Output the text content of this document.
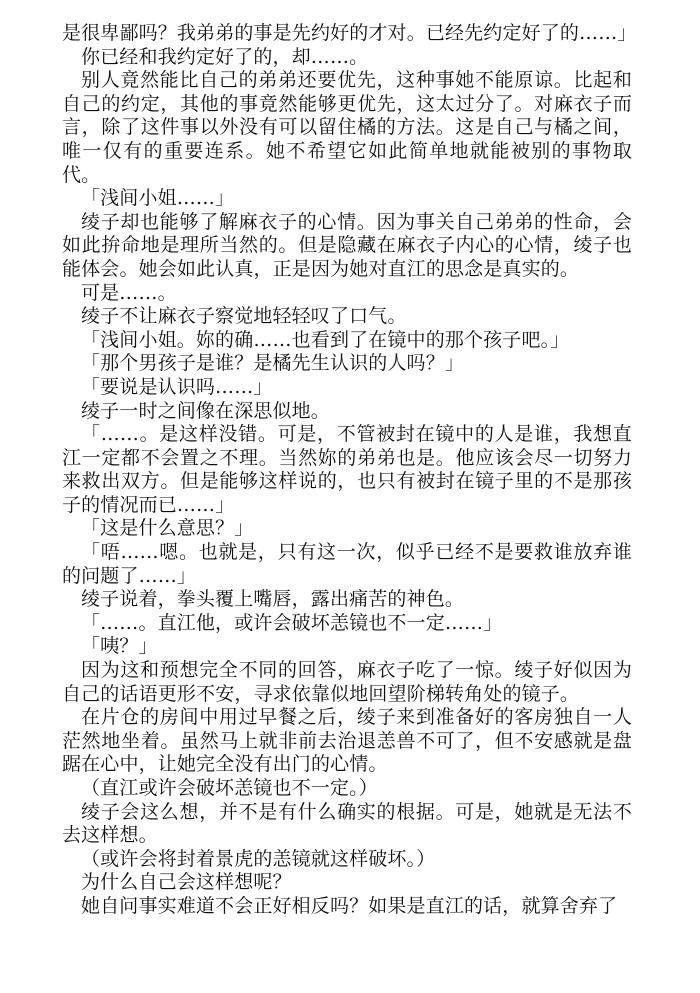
是很卑鄙吗？我弟弟的事是先约好的才对。已经先约定好了的……」

你已经和我约定好了的，却……。

别人竟然能比自己的弟弟还要优先，这种事她不能原谅。比起和自己的约定，其他的事竟然能够更优先，这太过分了。对麻衣子而言，除了这件事以外没有可以留住橘的方法。这是自己与橘之间，唯一仅有的重要连系。她不希望它如此简单地就能被别的事物取代。

「浅间小姐……」

绫子却也能够了解麻衣子的心情。因为事关自己弟弟的性命，会如此拚命地是理所当然的。但是隐藏在麻衣子内心的心情，绫子也能体会。她会如此认真，正是因为她对直江的思念是真实的。

可是……。

绫子不让麻衣子察觉地轻轻叹了口气。

「浅间小姐。妳的确……也看到了在镜中的那个孩子吧。」

「那个男孩子是谁？是橘先生认识的人吗？」

「要说是认识吗……」

绫子一时之间像在深思似地。

「……。是这样没错。可是，不管被封在镜中的人是谁，我想直江一定都不会置之不理。当然妳的弟弟也是。他应该会尽一切努力来救出双方。但是能够这样说的，也只有被封在镜子里的不是那孩子的情况而已……」

「这是什么意思？」

「唔……嗯。也就是，只有这一次，似乎已经不是要救谁放弃谁的问题了……」

绫子说着，拳头覆上嘴唇，露出痛苦的神色。

「……。直江他，或许会破坏恙镜也不一定……」

「咦？」

因为这和预想完全不同的回答，麻衣子吃了一惊。绫子好似因为自己的话语更形不安，寻求依靠似地回望阶梯转角处的镜子。

在片仓的房间中用过早餐之后，绫子来到准备好的客房独自一人茫然地坐着。虽然马上就非前去治退恙兽不可了，但不安感就是盘踞在心中，让她完全没有出门的心情。

（直江或许会破坏恙镜也不一定。）

绫子会这么想，并不是有什么确实的根据。可是，她就是无法不去这样想。

（或许会将封着景虎的恙镜就这样破坏。）

为什么自己会这样想呢？

她自问事实难道不会正好相反吗？如果是直江的话，就算舍弃了
